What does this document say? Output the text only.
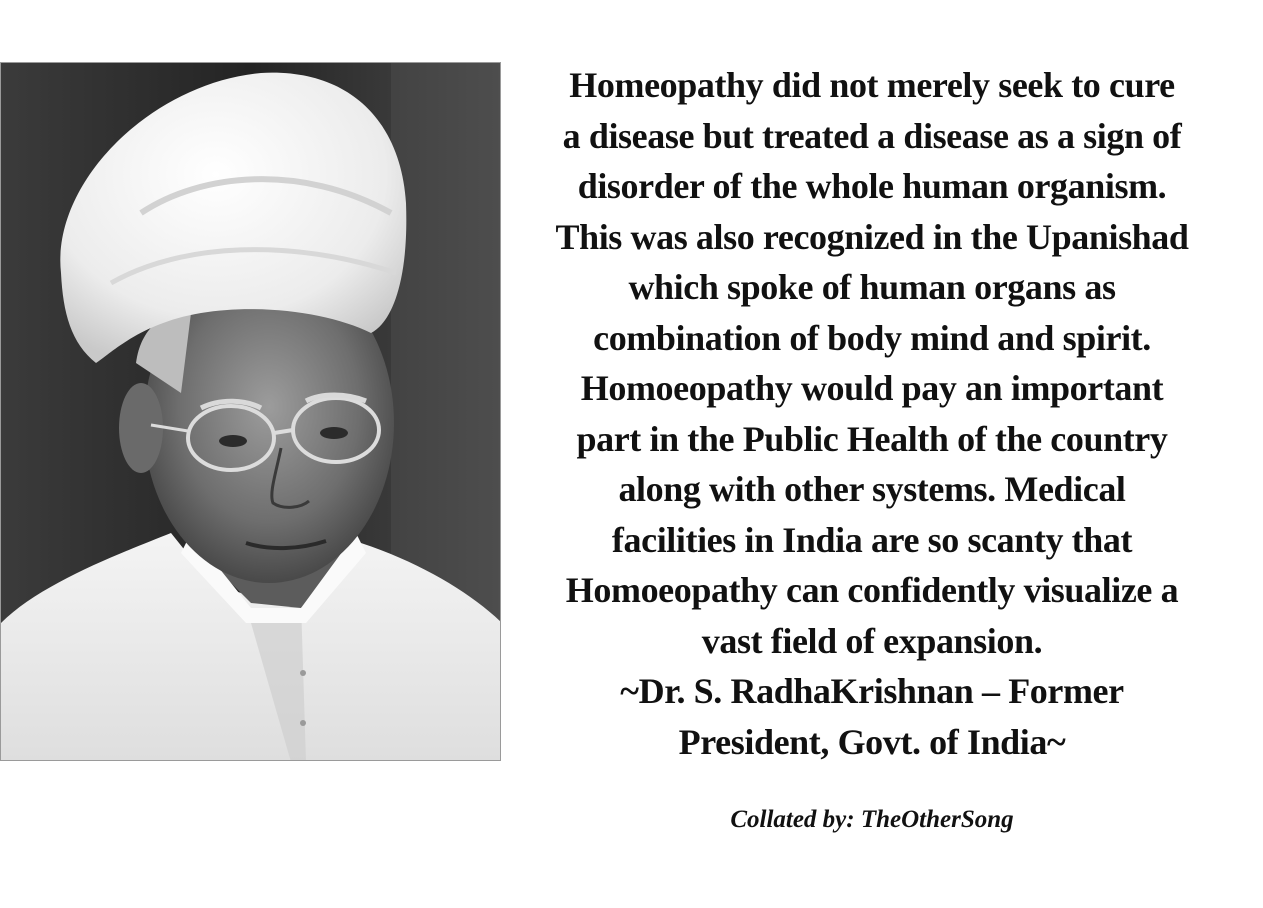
Homeopathy did not merely seek to cure
a disease but treated a disease as a sign of
disorder of the whole human organism.
This was also recognized in the Upanishad
which spoke of human organs as
combination of body mind and spirit.
Homoeopathy would pay an important
part in the Public Health of the country
along with other systems. Medical
facilities in India are so scanty that
Homoeopathy can confidently visualize a
vast field of expansion.
~Dr. S. RadhaKrishnan – Former
President, Govt. of India~
Collated by: TheOtherSong
